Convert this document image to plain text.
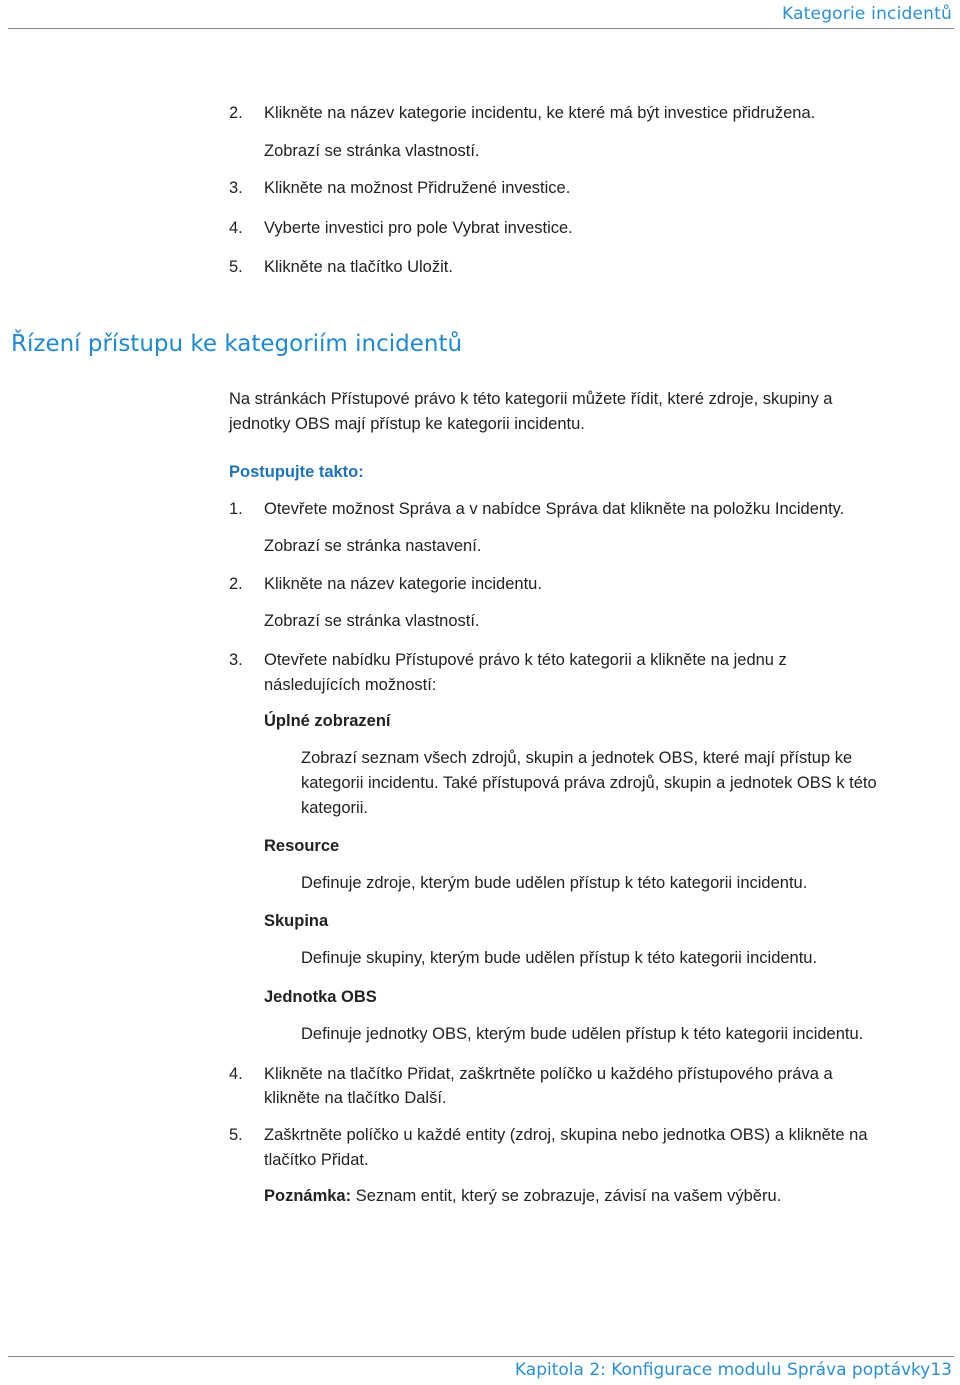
Kategorie incidentů
2.	Klikněte na název kategorie incidentu, ke které má být investice přidružena.
Zobrazí se stránka vlastností.
3.	Klikněte na možnost Přidružené investice.
4.	Vyberte investici pro pole Vybrat investice.
5.	Klikněte na tlačítko Uložit.
Řízení přístupu ke kategoriím incidentů
Na stránkách Přístupové právo k této kategorii můžete řídit, které zdroje, skupiny a
jednotky OBS mají přístup ke kategorii incidentu.
Postupujte takto:
1.	Otevřete možnost Správa a v nabídce Správa dat klikněte na položku Incidenty.
Zobrazí se stránka nastavení.
2.	Klikněte na název kategorie incidentu.
Zobrazí se stránka vlastností.
3.	Otevřete nabídku Přístupové právo k této kategorii a klikněte na jednu z
následujících možností:
Úplné zobrazení
Zobrazí seznam všech zdrojů, skupin a jednotek OBS, které mají přístup ke
kategorii incidentu. Také přístupová práva zdrojů, skupin a jednotek OBS k této
kategorii.
Resource
Definuje zdroje, kterým bude udělen přístup k této kategorii incidentu.
Skupina
Definuje skupiny, kterým bude udělen přístup k této kategorii incidentu.
Jednotka OBS
Definuje jednotky OBS, kterým bude udělen přístup k této kategorii incidentu.
4.	Klikněte na tlačítko Přidat, zaškrtněte políčko u každého přístupového práva a
klikněte na tlačítko Další.
5.	Zaškrtněte políčko u každé entity (zdroj, skupina nebo jednotka OBS) a klikněte na
tlačítko Přidat.
Poznámka: Seznam entit, který se zobrazuje, závisí na vašem výběru.
Kapitola 2: Konfigurace modulu Správa poptávky13
